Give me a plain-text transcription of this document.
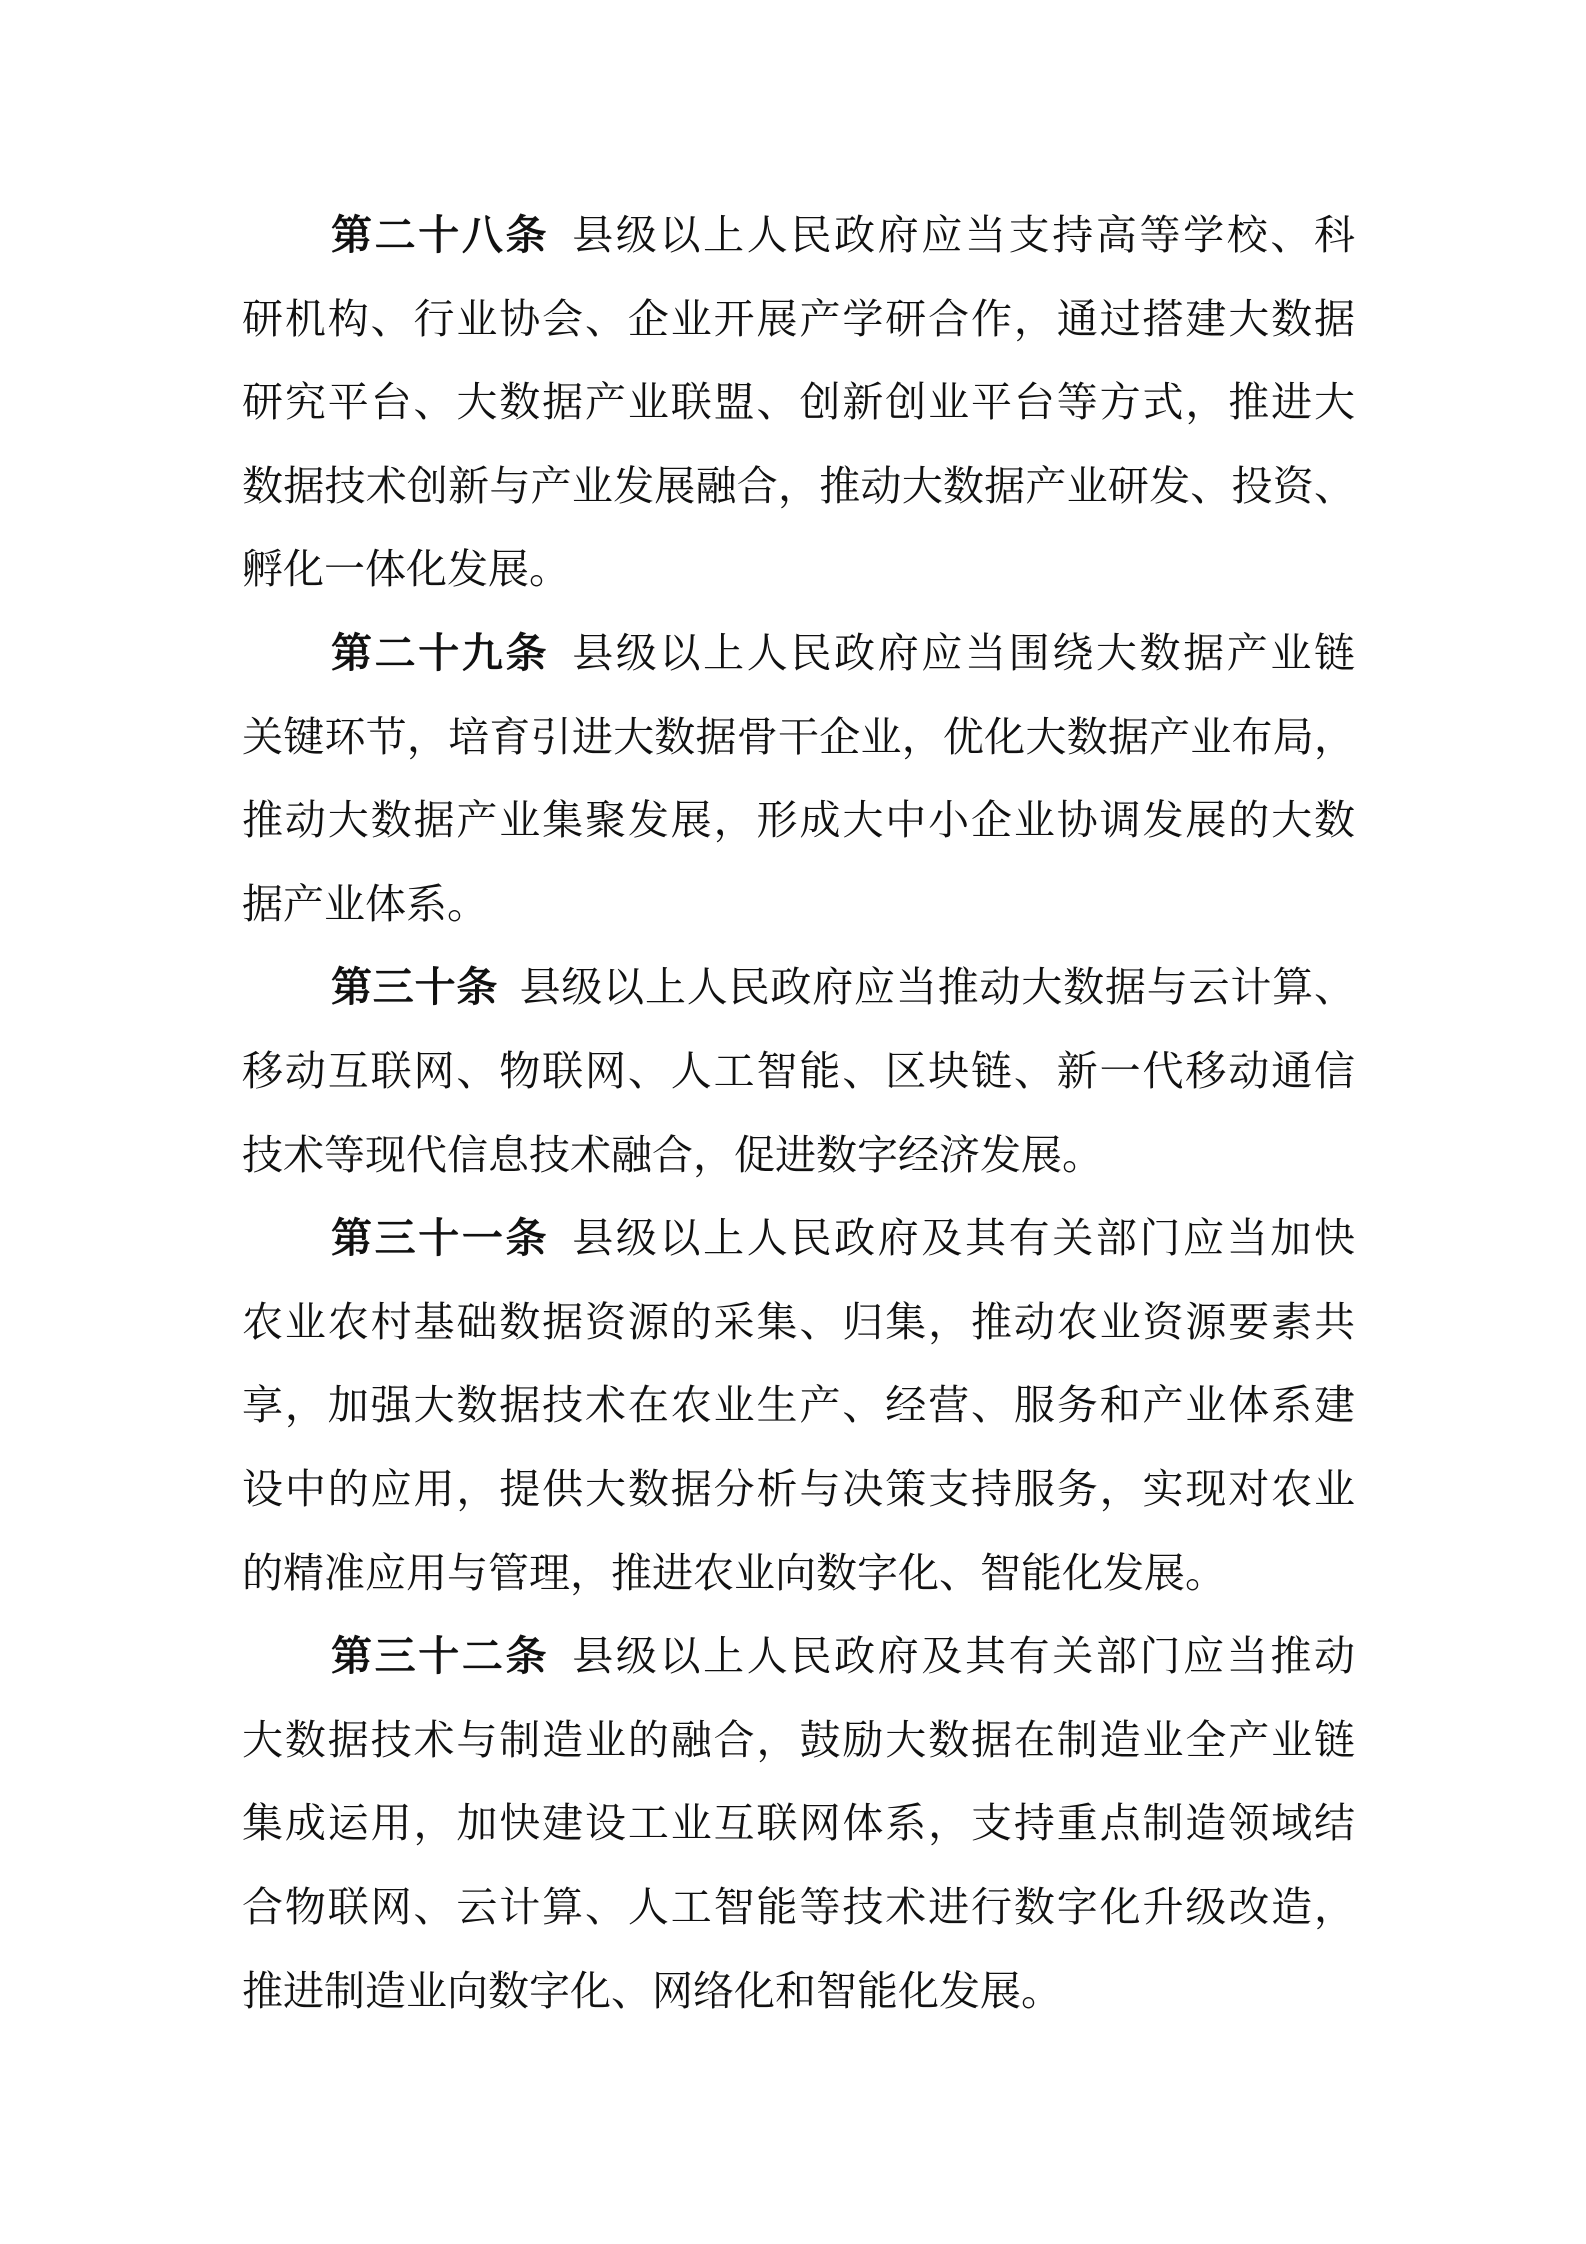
第二十八条  县级以上人民政府应当支持高等学校、科
研机构、行业协会、企业开展产学研合作，通过搭建大数据
研究平台、大数据产业联盟、创新创业平台等方式，推进大
数据技术创新与产业发展融合，推动大数据产业研发、投资、
孵化一体化发展。
第二十九条  县级以上人民政府应当围绕大数据产业链
关键环节，培育引进大数据骨干企业，优化大数据产业布局，
推动大数据产业集聚发展，形成大中小企业协调发展的大数
据产业体系。
第三十条  县级以上人民政府应当推动大数据与云计算、
移动互联网、物联网、人工智能、区块链、新一代移动通信
技术等现代信息技术融合，促进数字经济发展。
第三十一条  县级以上人民政府及其有关部门应当加快
农业农村基础数据资源的采集、归集，推动农业资源要素共
享，加强大数据技术在农业生产、经营、服务和产业体系建
设中的应用，提供大数据分析与决策支持服务，实现对农业
的精准应用与管理，推进农业向数字化、智能化发展。
第三十二条  县级以上人民政府及其有关部门应当推动
大数据技术与制造业的融合，鼓励大数据在制造业全产业链
集成运用，加快建设工业互联网体系，支持重点制造领域结
合物联网、云计算、人工智能等技术进行数字化升级改造，
推进制造业向数字化、网络化和智能化发展。
